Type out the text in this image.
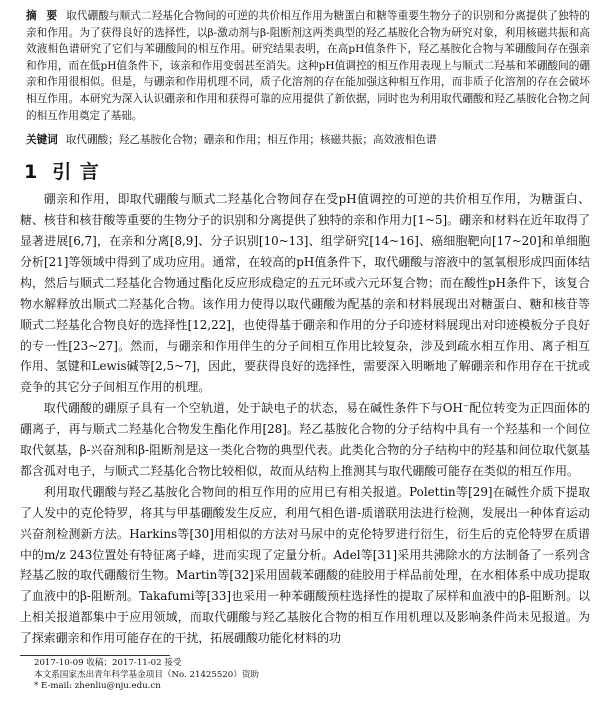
摘 要 取代硼酸与顺式二羟基化合物间的可逆的共价相互作用为糖蛋白和糖等重要生物分子的识别和分离提供了独特的亲和作用。为了获得良好的选择性，以β-激动剂与β-阻断剂这两类典型的羟乙基胺化合物为研究对象，利用核磁共振和高效液相色谱研究了它们与苯硼酸间的相互作用。研究结果表明，在高pH值条件下，羟乙基胺化合物与苯硼酸间存在强亲和作用，而在低pH值条件下，该亲和作用变弱甚至消失。这种pH值调控的相互作用表现上与顺式二羟基和苯硼酸间的硼亲和作用很相似。但是，与硼亲和作用机理不同，质子化溶剂的存在能加强这种相互作用，而非质子化溶剂的存在会破坏相互作用。本研究为深入认识硼亲和作用和获得可靠的应用提供了新依据，同时也为利用取代硼酸和羟乙基胺化合物之间的相互作用奠定了基础。

关键词 取代硼酸；羟乙基胺化合物；硼亲和作用；相互作用；核磁共振；高效液相色谱

1 引 言

硼亲和作用，即取代硼酸与顺式二羟基化合物间存在受pH值调控的可逆的共价相互作用，为糖蛋白、糖、核苷和核苷酸等重要的生物分子的识别和分离提供了独特的亲和作用力[1~5]。硼亲和材料在近年取得了显著进展[6,7]，在亲和分离[8,9]、分子识别[10~13]、组学研究[14~16]、癌细胞靶向[17~20]和单细胞分析[21]等领域中得到了成功应用。通常，在较高的pH值条件下，取代硼酸与溶液中的氢氧根形成四面体结构，然后与顺式二羟基化合物通过酯化反应形成稳定的五元环或六元环复合物；而在酸性pH条件下，该复合物水解释放出顺式二羟基化合物。该作用力使得以取代硼酸为配基的亲和材料展现出对糖蛋白、糖和核苷等顺式二羟基化合物良好的选择性[12,22]，也使得基于硼亲和作用的分子印迹材料展现出对印迹模板分子良好的专一性[23~27]。然而，与硼亲和作用伴生的分子间相互作用比较复杂，涉及到疏水相互作用、离子相互作用、氢键和Lewis碱等[2,5~7]，因此，要获得良好的选择性，需要深入明晰地了解硼亲和作用存在干扰或竞争的其它分子间相互作用的机理。

取代硼酸的硼原子具有一个空轨道，处于缺电子的状态，易在碱性条件下与OH⁻配位转变为正四面体的硼离子，再与顺式二羟基化合物发生酯化作用[28]。羟乙基胺化合物的分子结构中具有一个羟基和一个间位取代氨基，β-兴奋剂和β-阻断剂是这一类化合物的典型代表。此类化合物的分子结构中的羟基和间位取代氨基都含孤对电子，与顺式二羟基化合物比较相似，故而从结构上推测其与取代硼酸可能存在类似的相互作用。

利用取代硼酸与羟乙基胺化合物间的相互作用的应用已有相关报道。Polettin等[29]在碱性介质下提取了人发中的克伦特罗，将其与甲基硼酸发生反应，利用气相色谱-质谱联用法进行检测，发展出一种体育运动兴奋剂检测新方法。Harkins等[30]用相似的方法对马尿中的克伦特罗进行衍生，衍生后的克伦特罗在质谱中的m/z 243位置处有特征离子峰，进而实现了定量分析。Adel等[31]采用共沸除水的方法制备了一系列含羟基乙胺的取代硼酸衍生物。Martin等[32]采用固载苯硼酸的硅胶用于样品前处理，在水相体系中成功提取了血液中的β-阻断剂。Takafumi等[33]也采用一种苯硼酸预柱选择性的提取了尿样和血液中的β-阻断剂。以上相关报道都集中于应用领域，而取代硼酸与羟乙基胺化合物的相互作用机理以及影响条件尚未见报道。为了探索硼亲和作用可能存在的干扰，拓展硼酸功能化材料的功

2017-10-09 收稿；2017-11-02 接受

本文系国家杰出青年科学基金项目（No. 21425520）资助

* E-mail: zhenliu@nju.edu.cn
